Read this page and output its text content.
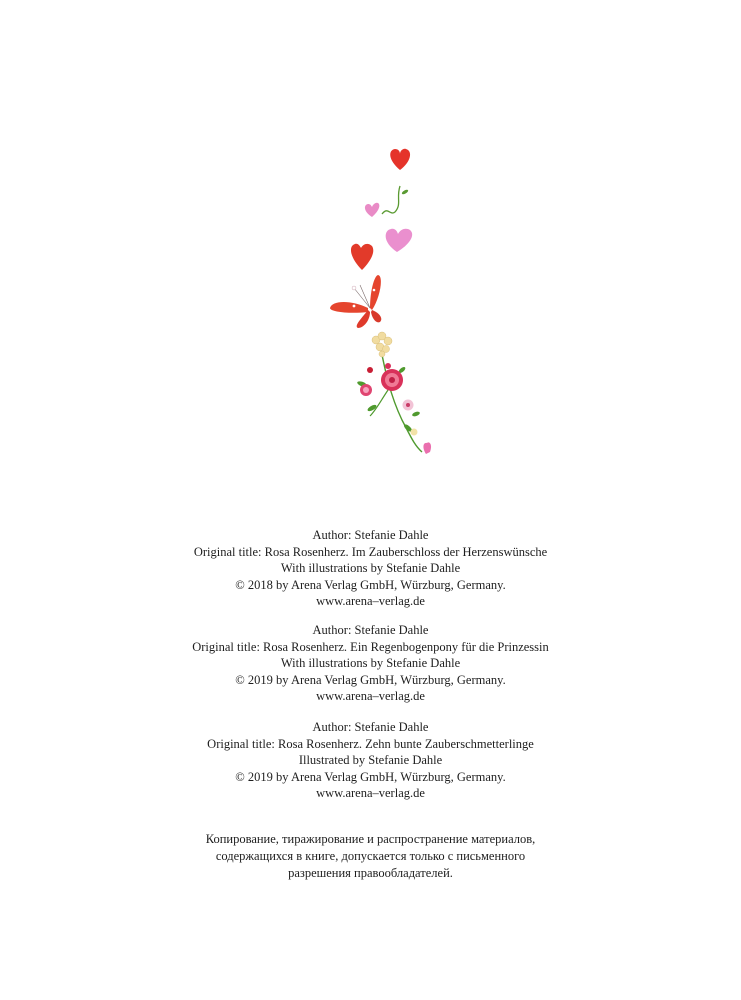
Author: Stefanie Dahle
Original title: Rosa Rosenherz. Im Zauberschloss der Herzenswünsche
With illustrations by Stefanie Dahle
© 2018 by Arena Verlag GmbH, Würzburg, Germany.
www.arena–verlag.de
Author: Stefanie Dahle
Original title: Rosa Rosenherz. Ein Regenbogenpony für die Prinzessin
With illustrations by Stefanie Dahle
© 2019 by Arena Verlag GmbH, Würzburg, Germany.
www.arena–verlag.de
Author: Stefanie Dahle
Original title: Rosa Rosenherz. Zehn bunte Zauberschmetterlinge
Illustrated by Stefanie Dahle
© 2019 by Arena Verlag GmbH, Würzburg, Germany.
www.arena–verlag.de
Копирование, тиражирование и распространение материалов,
содержащихся в книге, допускается только с письменного
разрешения правообладателей.
